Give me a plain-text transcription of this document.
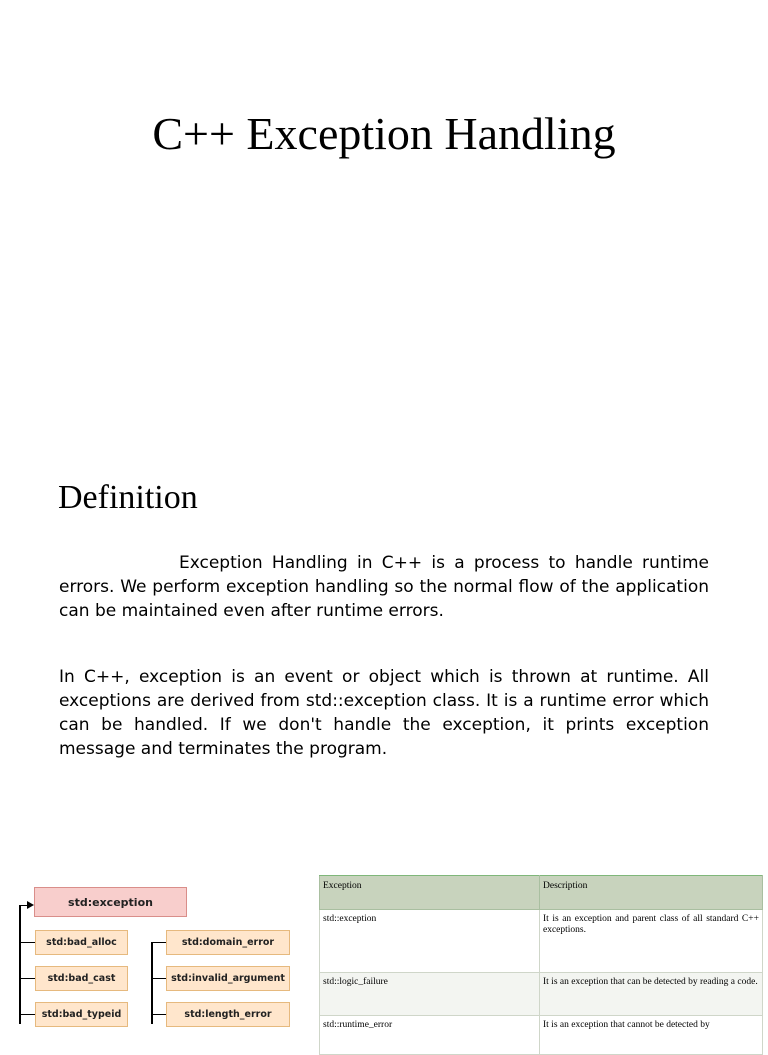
C++ Exception Handling
Definition

Exception Handling in C++ is a process to handle runtime errors. We perform exception handling so the normal flow of the application can be maintained even after runtime errors.

In C++, exception is an event or object which is thrown at runtime. All exceptions are derived from std::exception class. It is a runtime error which can be handled. If we don't handle the exception, it prints exception message and terminates the program.

std:exception
std:bad_alloc
std:bad_cast
std:bad_typeid
std:domain_error
std:invalid_argument
std:length_error
Exception	Description
std::exception	It is an exception and parent class of all standard C++ exceptions.
std::logic_failure	It is an exception that can be detected by reading a code.
std::runtime_error	It is an exception that cannot be detected by
